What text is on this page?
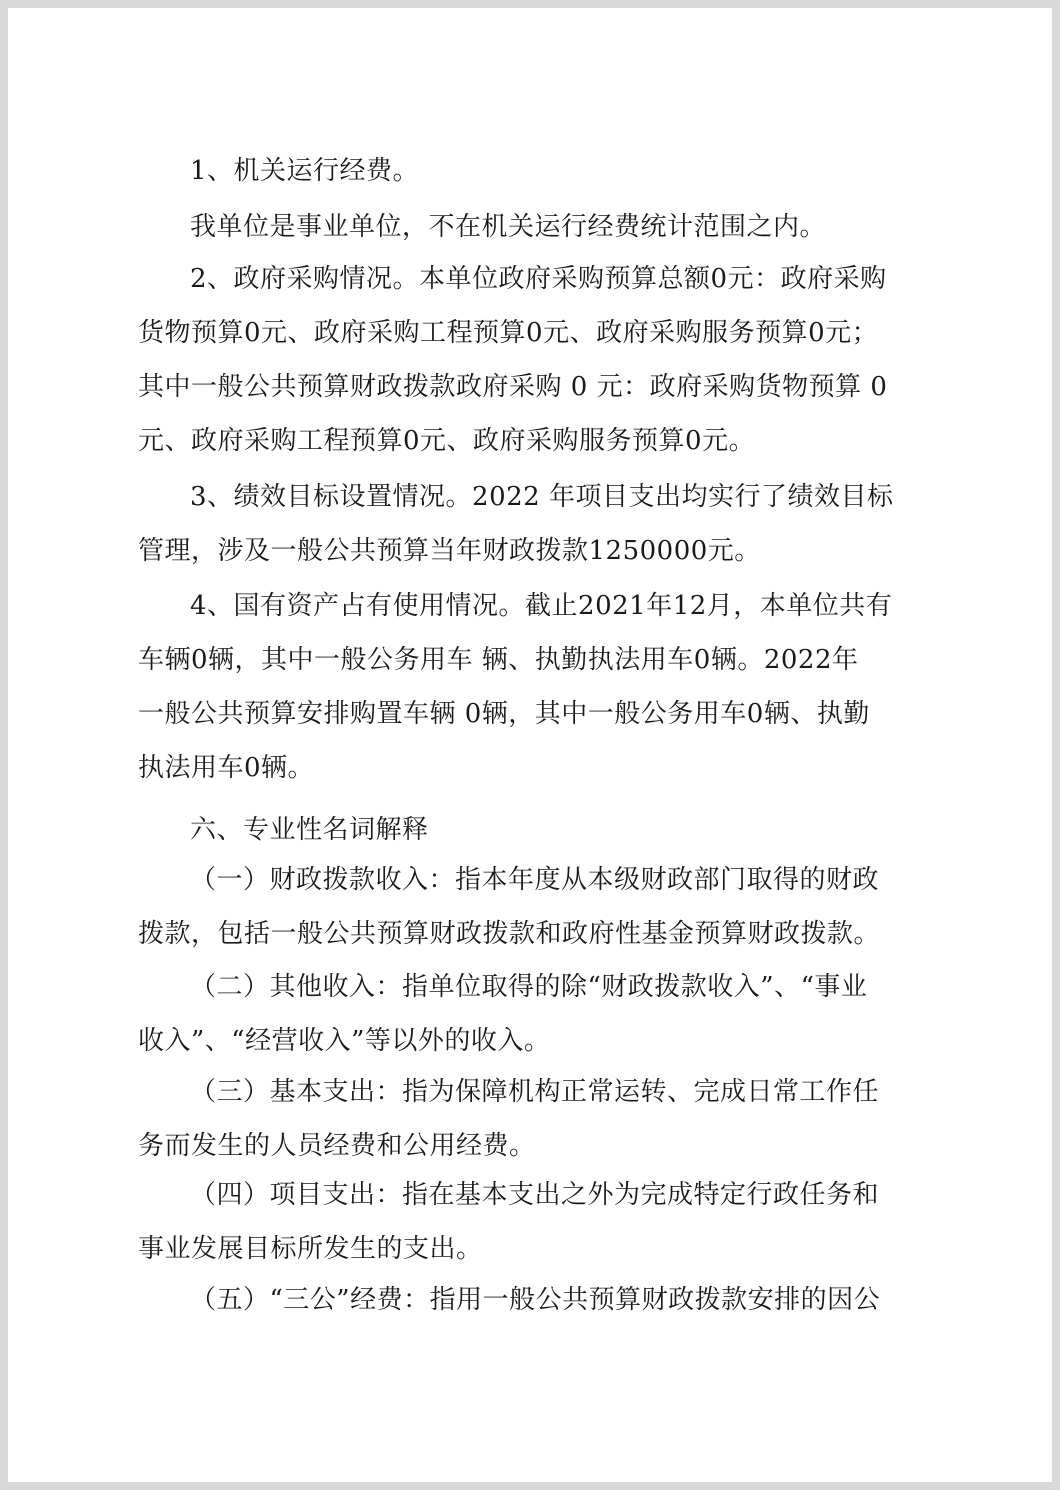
1、机关运行经费。
我单位是事业单位，不在机关运行经费统计范围之内。
2、政府采购情况。本单位政府采购预算总额0元：政府采购
货物预算0元、政府采购工程预算0元、政府采购服务预算0元；
其中一般公共预算财政拨款政府采购 0 元：政府采购货物预算 0
元、政府采购工程预算0元、政府采购服务预算0元。
3、绩效目标设置情况。2022 年项目支出均实行了绩效目标
管理，涉及一般公共预算当年财政拨款1250000元。
4、国有资产占有使用情况。截止2021年12月，本单位共有
车辆0辆，其中一般公务用车 辆、执勤执法用车0辆。2022年
一般公共预算安排购置车辆 0辆，其中一般公务用车0辆、执勤
执法用车0辆。
六、专业性名词解释
（一）财政拨款收入：指本年度从本级财政部门取得的财政
拨款，包括一般公共预算财政拨款和政府性基金预算财政拨款。
（二）其他收入：指单位取得的除“财政拨款收入”、“事业
收入”、“经营收入”等以外的收入。
（三）基本支出：指为保障机构正常运转、完成日常工作任
务而发生的人员经费和公用经费。
（四）项目支出：指在基本支出之外为完成特定行政任务和
事业发展目标所发生的支出。
（五）“三公”经费：指用一般公共预算财政拨款安排的因公
